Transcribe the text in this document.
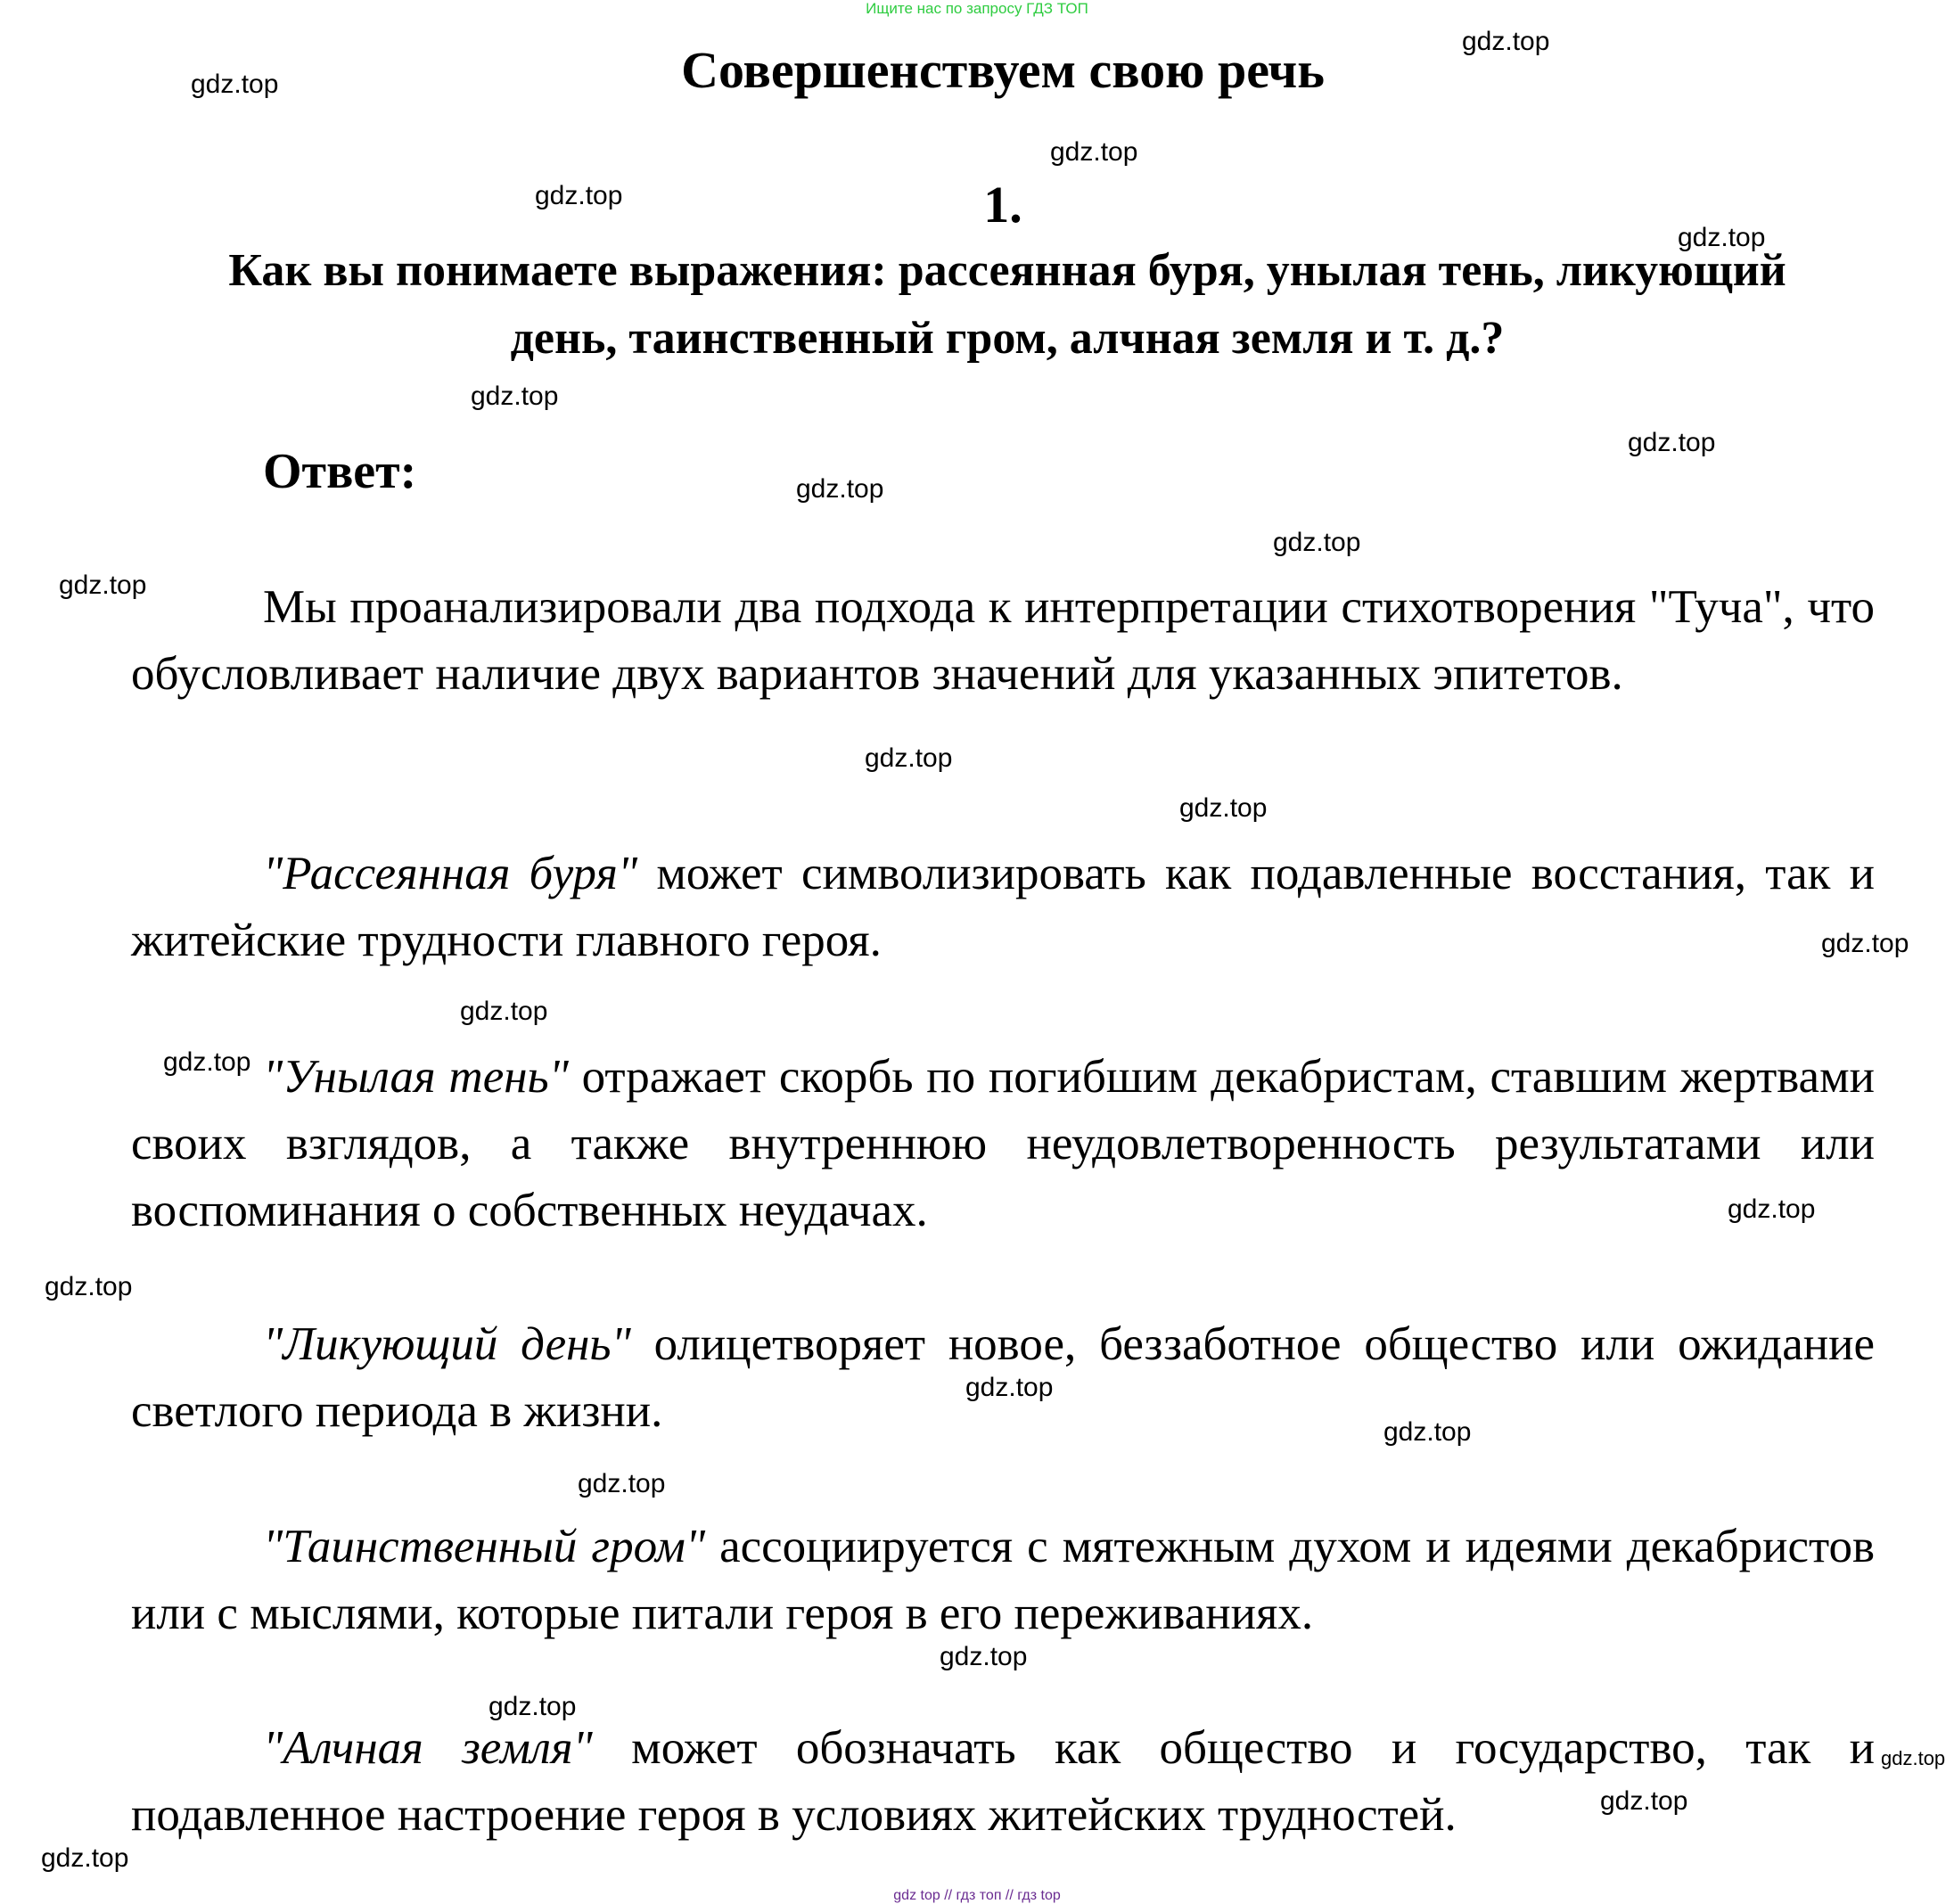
Ищите нас по запросу ГДЗ ТОП
Совершенствуем свою речь
1.
Как вы понимаете выражения: рассеянная буря, унылая тень, ликующий день, таинственный гром, алчная земля и т. д.?
Ответ:

Мы проанализировали два подхода к интерпретации стихотворения "Туча", что обусловливает наличие двух вариантов значений для указанных эпитетов.

"Рассеянная буря" может символизировать как подавленные восстания, так и житейские трудности главного героя.

"Унылая тень" отражает скорбь по погибшим декабристам, ставшим жертвами своих взглядов, а также внутреннюю неудовлетворенность результатами или воспоминания о собственных неудачах.

"Ликующий день" олицетворяет новое, беззаботное общество или ожидание светлого периода в жизни.

"Таинственный гром" ассоциируется с мятежным духом и идеями декабристов или с мыслями, которые питали героя в его переживаниях.

"Алчная земля" может обозначать как общество и государство, так и подавленное настроение героя в условиях житейских трудностей.

gdz.top
gdz.top
gdz.top
gdz.top
gdz.top
gdz.top
gdz.top
gdz.top
gdz.top
gdz.top
gdz.top
gdz.top
gdz.top
gdz.top
gdz.top
gdz.top
gdz.top
gdz.top
gdz.top
gdz.top
gdz.top
gdz.top
gdz.top
gdz.top
gdz.top
gdz top // гдз топ // гдз top
